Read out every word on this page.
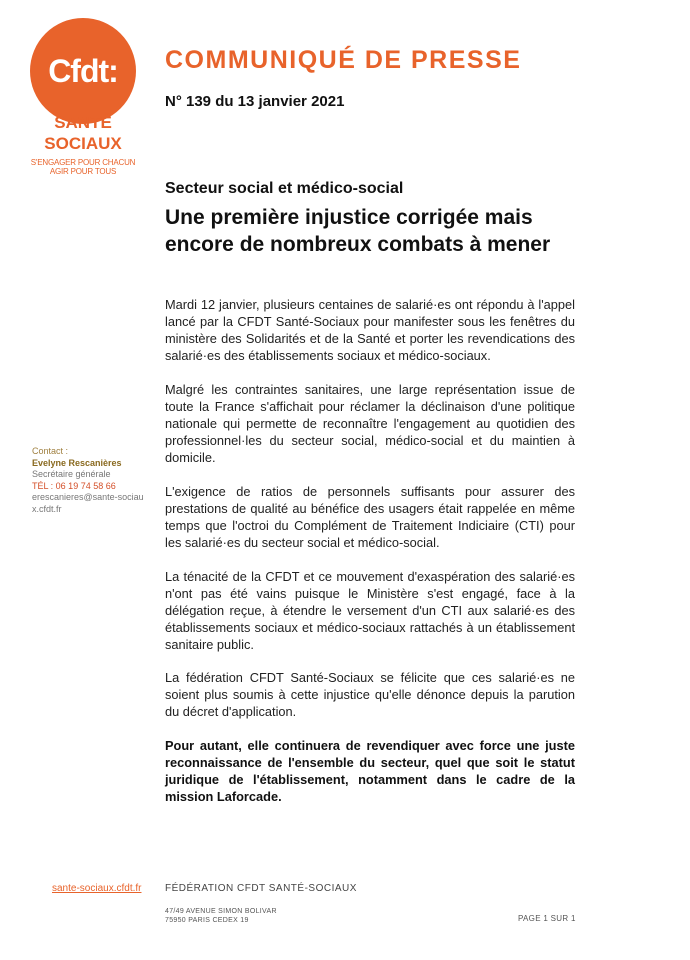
Cfdt:
SANTÉ
SOCIAUX
S'ENGAGER POUR CHACUN
AGIR POUR TOUS
COMMUNIQUÉ DE PRESSE
N° 139 du 13 janvier 2021
Secteur social et médico-social
Une première injustice corrigée mais encore de nombreux combats à mener

Mardi 12 janvier, plusieurs centaines de salarié·es ont répondu à l'appel lancé par la CFDT Santé-Sociaux pour manifester sous les fenêtres du ministère des Solidarités et de la Santé et porter les revendications des salarié·es des établissements sociaux et médico-sociaux.

Malgré les contraintes sanitaires, une large représentation issue de toute la France s'affichait pour réclamer la déclinaison d'une politique nationale qui permette de reconnaître l'engagement au quotidien des professionnel·les du secteur social, médico-social et du maintien à domicile.

L'exigence de ratios de personnels suffisants pour assurer des prestations de qualité au bénéfice des usagers était rappelée en même temps que l'octroi du Complément de Traitement Indiciaire (CTI) pour les salarié·es du secteur social et médico-social.

La ténacité de la CFDT et ce mouvement d'exaspération des salarié·es n'ont pas été vains puisque le Ministère s'est engagé, face à la délégation reçue, à étendre le versement d'un CTI aux salarié·es des établissements sociaux et médico-sociaux rattachés à un établissement sanitaire public.

La fédération CFDT Santé-Sociaux se félicite que ces salarié·es ne soient plus soumis à cette injustice qu'elle dénonce depuis la parution du décret d'application.

Pour autant, elle continuera de revendiquer avec force une juste reconnaissance de l'ensemble du secteur, quel que soit le statut juridique de l'établissement, notamment dans le cadre de la mission Laforcade.

Contact :
Evelyne Rescanières
Secrétaire générale
TÉL : 06 19 74 58 66
erescanieres@sante-sociaux.cfdt.fr
sante-sociaux.cfdt.fr FÉDÉRATION CFDT SANTÉ-SOCIAUX
47/49 AVENUE SIMON BOLIVAR
75950 PARIS CEDEX 19	PAGE 1 SUR 1
